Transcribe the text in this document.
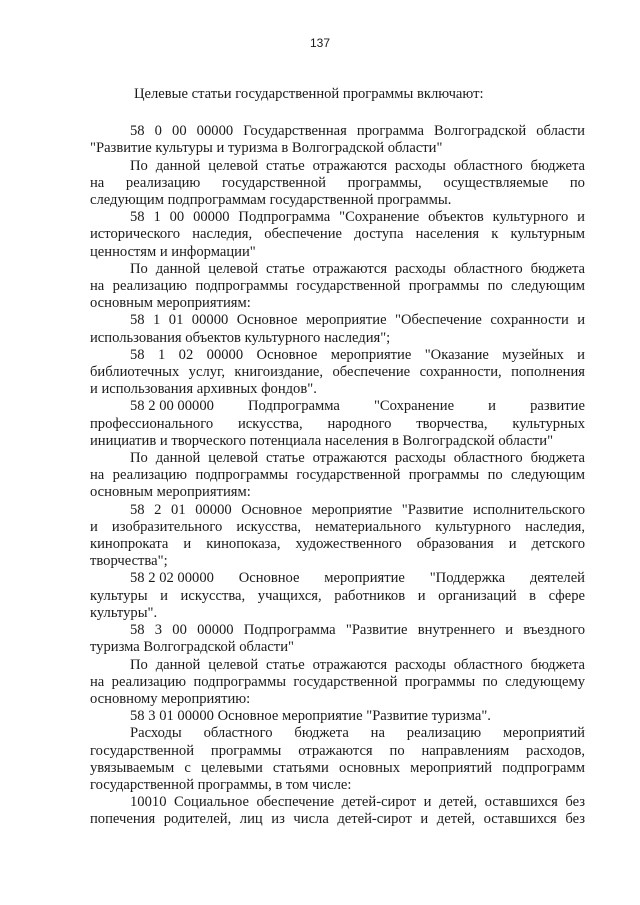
137

Целевые статьи государственной программы включают:

58 0 00 00000 Государственная программа Волгоградской области

"Развитие культуры и туризма в Волгоградской области"

По данной целевой статье отражаются расходы областного бюджета

на реализацию государственной программы, осуществляемые по

следующим подпрограммам государственной программы.

58 1 00 00000 Подпрограмма "Сохранение объектов культурного и

исторического наследия, обеспечение доступа населения к культурным

ценностям и информации"

По данной целевой статье отражаются расходы областного бюджета

на реализацию подпрограммы государственной программы по следующим

основным мероприятиям:

58 1 01 00000 Основное мероприятие "Обеспечение сохранности и

использования объектов культурного наследия";

58 1 02 00000 Основное мероприятие "Оказание музейных и

библиотечных услуг, книгоиздание, обеспечение сохранности, пополнения

и использования архивных фондов".

58 2 00 00000 Подпрограмма "Сохранение и развитие

профессионального искусства, народного творчества, культурных

инициатив и творческого потенциала населения в Волгоградской области"

По данной целевой статье отражаются расходы областного бюджета

на реализацию подпрограммы государственной программы по следующим

основным мероприятиям:

58 2 01 00000 Основное мероприятие "Развитие исполнительского

и изобразительного искусства, нематериального культурного наследия,

кинопроката и кинопоказа, художественного образования и детского

творчества";

58 2 02 00000 Основное мероприятие "Поддержка деятелей

культуры и искусства, учащихся, работников и организаций в сфере

культуры".

58 3 00 00000 Подпрограмма "Развитие внутреннего и въездного

туризма Волгоградской области"

По данной целевой статье отражаются расходы областного бюджета

на реализацию подпрограммы государственной программы по следующему

основному мероприятию:

58 3 01 00000 Основное мероприятие "Развитие туризма".

Расходы областного бюджета на реализацию мероприятий

государственной программы отражаются по направлениям расходов,

увязываемым с целевыми статьями основных мероприятий подпрограмм

государственной программы, в том числе:

10010 Социальное обеспечение детей-сирот и детей, оставшихся без

попечения родителей, лиц из числа детей-сирот и детей, оставшихся без
